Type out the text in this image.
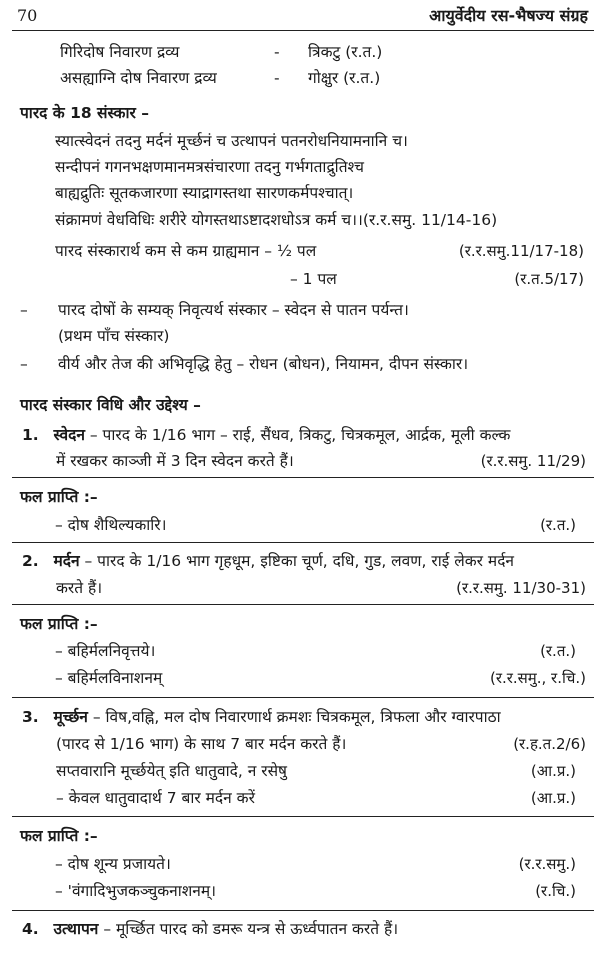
70	आयुर्वेदीय रस-भैषज्य संग्रह
गिरिदोष निवारण द्रव्य	- त्रिकटु (र.त.)
असह्याग्नि दोष निवारण द्रव्य	- गोक्षुर (र.त.)
पारद के 18 संस्कार –
स्यात्स्वेदनं तदनु मर्दनं मूर्च्छनं च उत्थापनं पतनरोधनियामनानि च।
सन्दीपनं गगनभक्षणमानमत्रसंचारणा तदनु गर्भगताद्रुतिश्च
बाह्यद्रुतिः सूतकजारणा स्याद्रागस्तथा सारणकर्मपश्चात्।
संक्रामणं वेधविधिः शरीरे योगस्तथाऽष्टादशधोऽत्र कर्म च।।(र.र.समु. 11/14-16)
पारद संस्कारार्थ कम से कम ग्राह्यमान – ½ पल	(र.र.समु.11/17-18)
– 1 पल	(र.त.5/17)
– पारद दोषों के सम्यक् निवृत्यर्थ संस्कार – स्वेदन से पातन पर्यन्त।
(प्रथम पाँच संस्कार)
– वीर्य और तेज की अभिवृद्धि हेतु – रोधन (बोधन), नियामन, दीपन संस्कार।
पारद संस्कार विधि और उद्देश्य –
1. स्वेदन – पारद के 1/16 भाग – राई, सैंधव, त्रिकटु, चित्रकमूल, आर्द्रक, मूली कल्क
में रखकर काञ्जी में 3 दिन स्वेदन करते हैं।	(र.र.समु. 11/29)
फल प्राप्ति :–
– दोष शैथिल्यकारि।	(र.त.)
2. मर्दन – पारद के 1/16 भाग गृहधूम, इष्टिका चूर्ण, दधि, गुड, लवण, राई लेकर मर्दन
करते हैं।	(र.र.समु. 11/30-31)
फल प्राप्ति :–
– बहिर्मलनिवृत्तये।	(र.त.)
– बहिर्मलविनाशनम्	(र.र.समु., र.चि.)
3. मूर्च्छन – विष,वह्नि, मल दोष निवारणार्थ क्रमशः चित्रकमूल, त्रिफला और ग्वारपाठा
(पारद से 1/16 भाग) के साथ 7 बार मर्दन करते हैं।	(र.ह.त.2/6)
सप्तवारानि मूर्च्छयेत् इति धातुवादे, न रसेषु	(आ.प्र.)
– केवल धातुवादार्थ 7 बार मर्दन करें	(आ.प्र.)
फल प्राप्ति :–
– दोष शून्य प्रजायते।	(र.र.समु.)
– 'वंगादिभुजकञ्चुकनाशनम्।	(र.चि.)
4. उत्थापन – मूर्च्छित पारद को डमरू यन्त्र से ऊर्ध्वपातन करते हैं।
